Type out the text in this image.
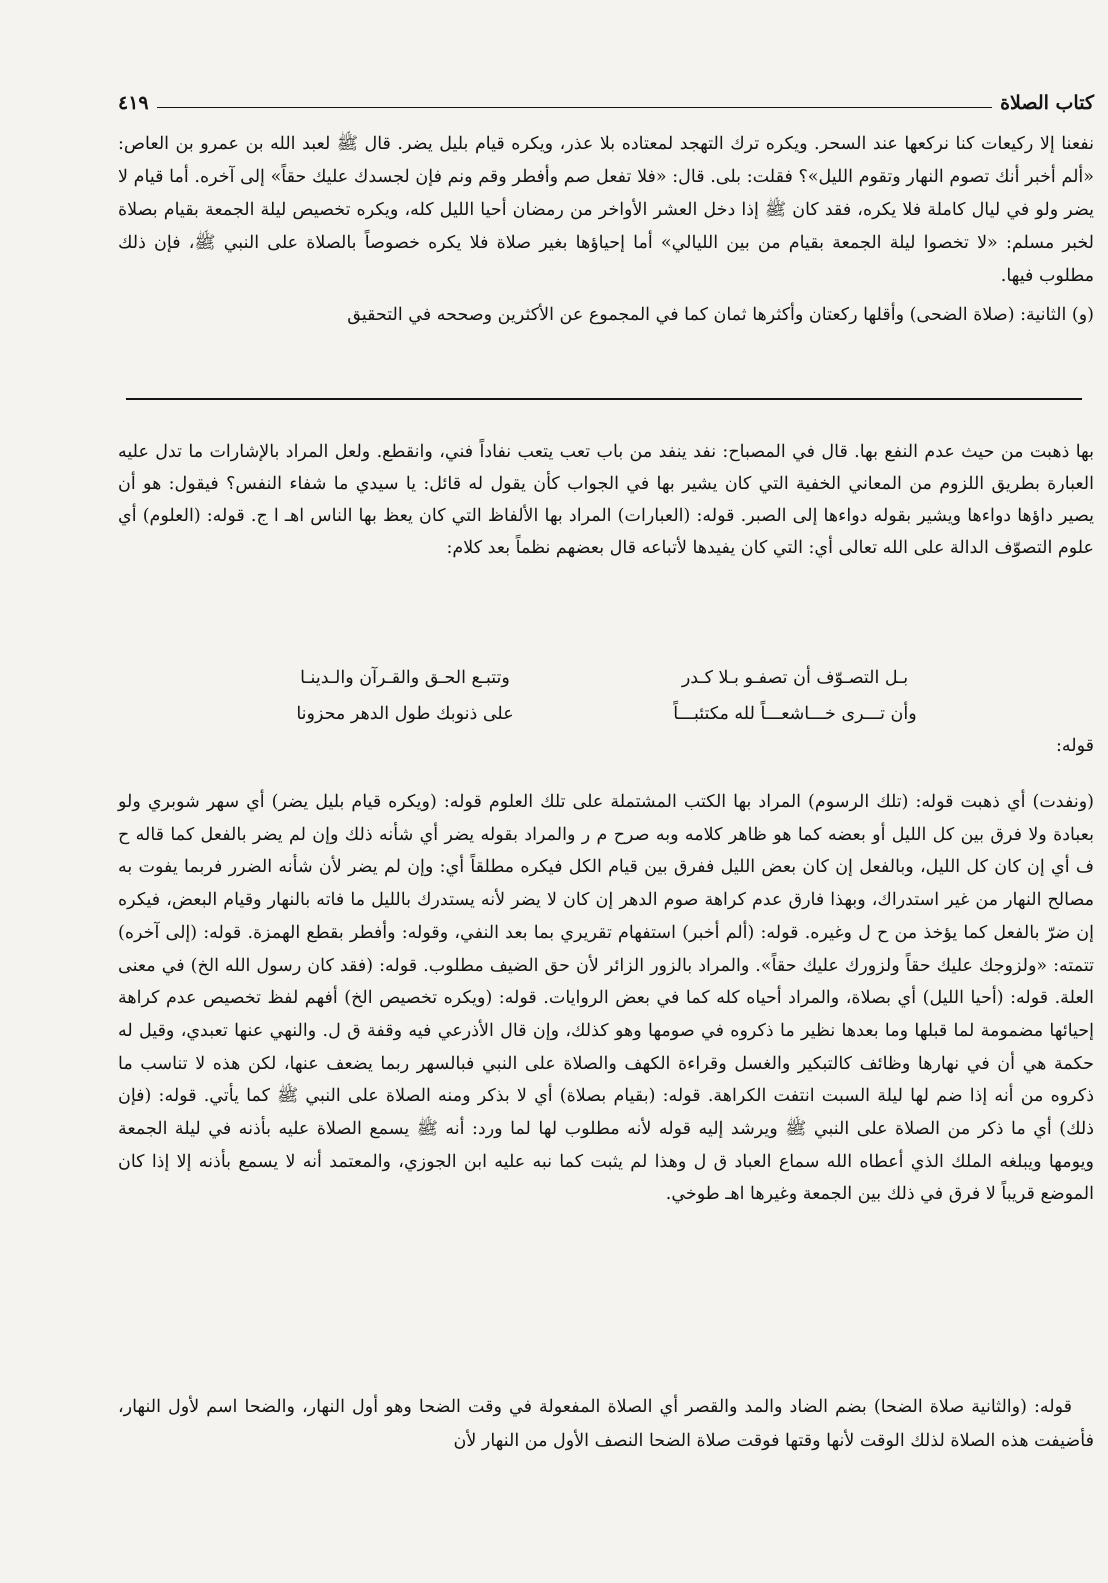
كتاب الصلاة
٤١٩

نفعنا إلا ركيعات كنا نركعها عند السحر. ويكره ترك التهجد لمعتاده بلا عذر، ويكره قيام بليل يضر. قال ﷺ لعبد الله بن عمرو بن العاص: «ألم أخبر أنك تصوم النهار وتقوم الليل»؟ فقلت: بلى. قال: «فلا تفعل صم وأفطر وقم ونم فإن لجسدك عليك حقاً» إلى آخره. أما قيام لا يضر ولو في ليال كاملة فلا يكره، فقد كان ﷺ إذا دخل العشر الأواخر من رمضان أحيا الليل كله، ويكره تخصيص ليلة الجمعة بقيام بصلاة لخبر مسلم: «لا تخصوا ليلة الجمعة بقيام من بين الليالي» أما إحياؤها بغير صلاة فلا يكره خصوصاً بالصلاة على النبي ﷺ، فإن ذلك مطلوب فيها.

(و) الثانية: (صلاة الضحى) وأقلها ركعتان وأكثرها ثمان كما في المجموع عن الأكثرين وصححه في التحقيق

بها ذهبت من حيث عدم النفع بها. قال في المصباح: نفد ينفد من باب تعب يتعب نفاداً فني، وانقطع. ولعل المراد بالإشارات ما تدل عليه العبارة بطريق اللزوم من المعاني الخفية التي كان يشير بها في الجواب كأن يقول له قائل: يا سيدي ما شفاء النفس؟ فيقول: هو أن يصير داؤها دواءها ويشير بقوله دواءها إلى الصبر. قوله: (العبارات) المراد بها الألفاظ التي كان يعظ بها الناس اهـ ا ج. قوله: (العلوم) أي علوم التصوّف الدالة على الله تعالى أي: التي كان يفيدها لأتباعه قال بعضهم نظماً بعد كلام:

بـل التصـوّف أن تصفـو بـلا كـدر
وتتبـع الحـق والقـرآن والـدينـا
وأن تـــرى خـــاشعـــاً لله مكتئبـــاً
على ذنوبك طول الدهر محزونا
قوله:

(ونفدت) أي ذهبت قوله: (تلك الرسوم) المراد بها الكتب المشتملة على تلك العلوم قوله: (ويكره قيام بليل يضر) أي سهر شوبري ولو بعبادة ولا فرق بين كل الليل أو بعضه كما هو ظاهر كلامه وبه صرح م ر والمراد بقوله يضر أي شأنه ذلك وإن لم يضر بالفعل كما قاله ح ف أي إن كان كل الليل، وبالفعل إن كان بعض الليل ففرق بين قيام الكل فيكره مطلقاً أي: وإن لم يضر لأن شأنه الضرر فربما يفوت به مصالح النهار من غير استدراك، وبهذا فارق عدم كراهة صوم الدهر إن كان لا يضر لأنه يستدرك بالليل ما فاته بالنهار وقيام البعض، فيكره إن ضرّ بالفعل كما يؤخذ من ح ل وغيره. قوله: (ألم أخبر) استفهام تقريري بما بعد النفي، وقوله: وأفطر بقطع الهمزة. قوله: (إلى آخره) تتمته: «ولزوجك عليك حقاً ولزورك عليك حقاً». والمراد بالزور الزائر لأن حق الضيف مطلوب. قوله: (فقد كان رسول الله الخ) في معنى العلة. قوله: (أحيا الليل) أي بصلاة، والمراد أحياه كله كما في بعض الروايات. قوله: (ويكره تخصيص الخ) أفهم لفظ تخصيص عدم كراهة إحيائها مضمومة لما قبلها وما بعدها نظير ما ذكروه في صومها وهو كذلك، وإن قال الأذرعي فيه وقفة ق ل. والنهي عنها تعبدي، وقيل له حكمة هي أن في نهارها وظائف كالتبكير والغسل وقراءة الكهف والصلاة على النبي فبالسهر ربما يضعف عنها، لكن هذه لا تناسب ما ذكروه من أنه إذا ضم لها ليلة السبت انتفت الكراهة. قوله: (بقيام بصلاة) أي لا بذكر ومنه الصلاة على النبي ﷺ كما يأتي. قوله: (فإن ذلك) أي ما ذكر من الصلاة على النبي ﷺ ويرشد إليه قوله لأنه مطلوب لها لما ورد: أنه ﷺ يسمع الصلاة عليه بأذنه في ليلة الجمعة ويومها ويبلغه الملك الذي أعطاه الله سماع العباد ق ل وهذا لم يثبت كما نبه عليه ابن الجوزي، والمعتمد أنه لا يسمع بأذنه إلا إذا كان الموضع قريباً لا فرق في ذلك بين الجمعة وغيرها اهـ طوخي.

قوله: (والثانية صلاة الضحا) بضم الضاد والمد والقصر أي الصلاة المفعولة في وقت الضحا وهو أول النهار، والضحا اسم لأول النهار، فأضيفت هذه الصلاة لذلك الوقت لأنها وقتها فوقت صلاة الضحا النصف الأول من النهار لأن
